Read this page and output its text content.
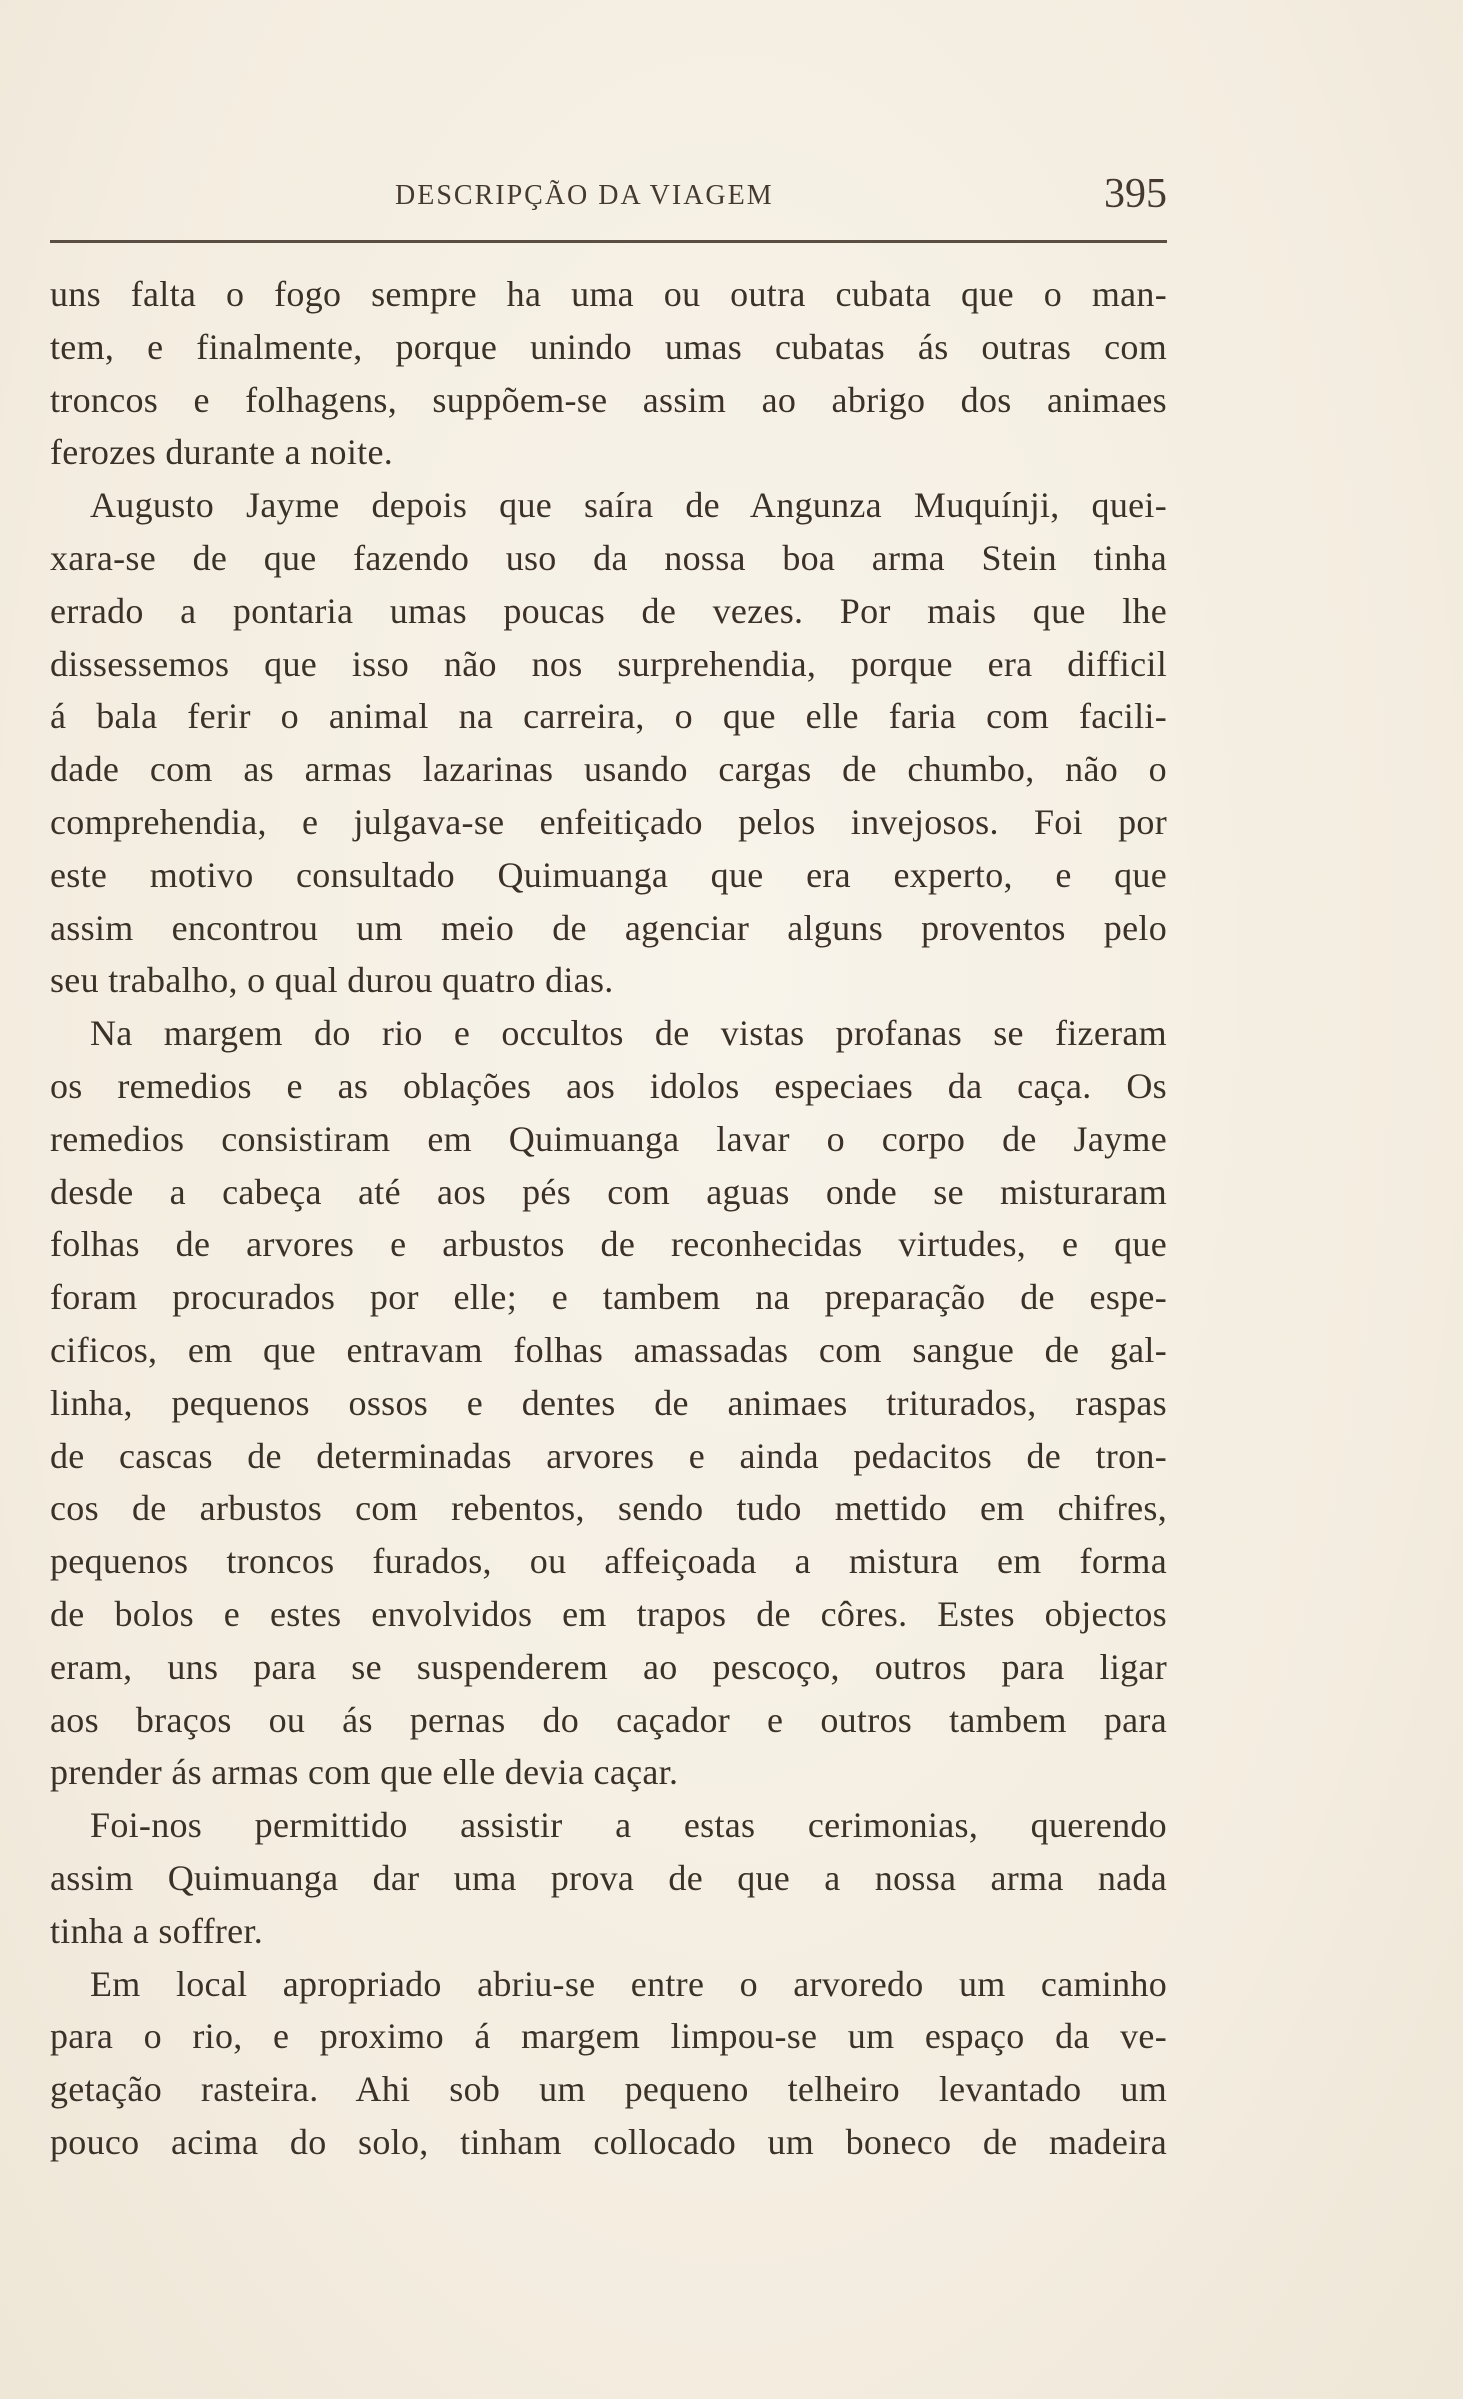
DESCRIPÇÃO DA VIAGEM	395
uns falta o fogo sempre ha uma ou outra cubata que o man-
tem, e finalmente, porque unindo umas cubatas ás outras com
troncos e folhagens, suppõem-se assim ao abrigo dos animaes
ferozes durante a noite.
Augusto Jayme depois que saíra de Angunza Muquínji, quei-
xara-se de que fazendo uso da nossa boa arma Stein tinha
errado a pontaria umas poucas de vezes. Por mais que lhe
dissessemos que isso não nos surprehendia, porque era difficil
á bala ferir o animal na carreira, o que elle faria com facili-
dade com as armas lazarinas usando cargas de chumbo, não o
comprehendia, e julgava-se enfeitiçado pelos invejosos. Foi por
este motivo consultado Quimuanga que era experto, e que
assim encontrou um meio de agenciar alguns proventos pelo
seu trabalho, o qual durou quatro dias.
Na margem do rio e occultos de vistas profanas se fizeram
os remedios e as oblações aos idolos especiaes da caça. Os
remedios consistiram em Quimuanga lavar o corpo de Jayme
desde a cabeça até aos pés com aguas onde se misturaram
folhas de arvores e arbustos de reconhecidas virtudes, e que
foram procurados por elle; e tambem na preparação de espe-
cificos, em que entravam folhas amassadas com sangue de gal-
linha, pequenos ossos e dentes de animaes triturados, raspas
de cascas de determinadas arvores e ainda pedacitos de tron-
cos de arbustos com rebentos, sendo tudo mettido em chifres,
pequenos troncos furados, ou affeiçoada a mistura em forma
de bolos e estes envolvidos em trapos de côres. Estes objectos
eram, uns para se suspenderem ao pescoço, outros para ligar
aos braços ou ás pernas do caçador e outros tambem para
prender ás armas com que elle devia caçar.
Foi-nos permittido assistir a estas cerimonias, querendo
assim Quimuanga dar uma prova de que a nossa arma nada
tinha a soffrer.
Em local apropriado abriu-se entre o arvoredo um caminho
para o rio, e proximo á margem limpou-se um espaço da ve-
getação rasteira. Ahi sob um pequeno telheiro levantado um
pouco acima do solo, tinham collocado um boneco de madeira
